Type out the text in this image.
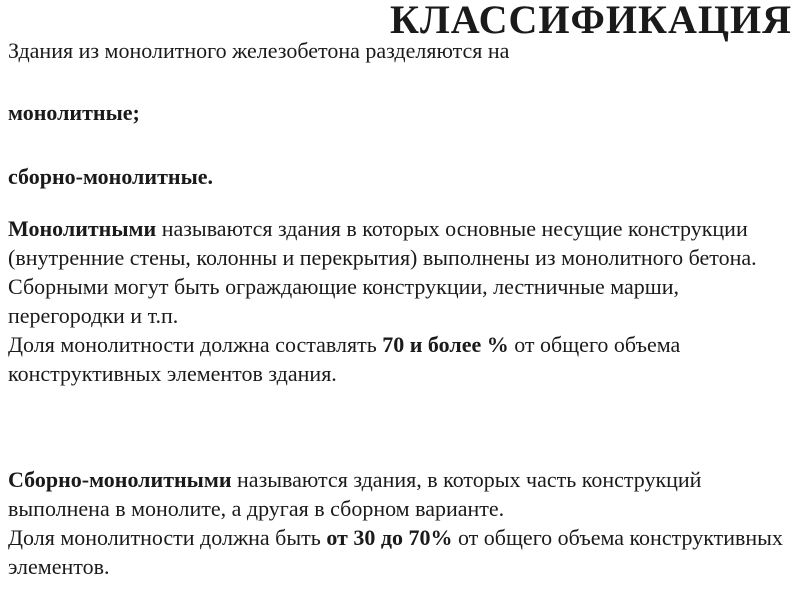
КЛАССИФИКАЦИЯ
Здания из монолитного железобетона разделяются на
монолитные;
сборно-монолитные.

Монолитными называются здания в которых основные несущие конструкции (внутренние стены, колонны и перекрытия) выполнены из монолитного бетона.

Сборными могут быть ограждающие конструкции, лестничные марши, перегородки и т.п.

Доля монолитности должна составлять 70 и более % от общего объема конструктивных элементов здания.

Сборно-монолитными называются здания, в которых часть конструкций выполнена в монолите, а другая в сборном варианте.

Доля монолитности должна быть от 30 до 70% от общего объема конструктивных элементов.
